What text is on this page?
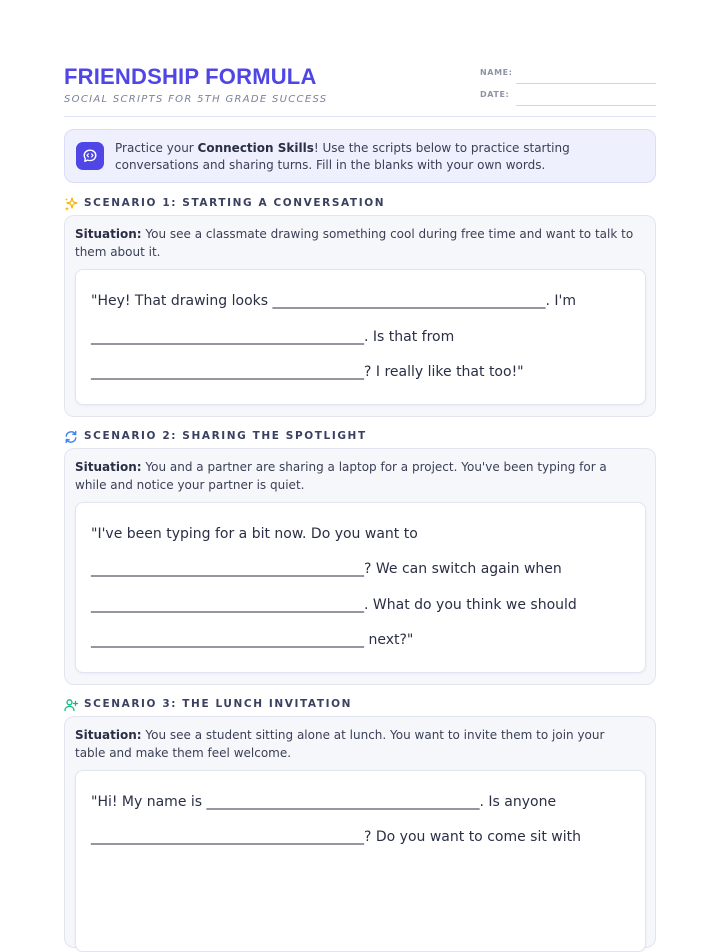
FRIENDSHIP FORMULA
SOCIAL SCRIPTS FOR 5TH GRADE SUCCESS
NAME:
DATE:
Practice your Connection Skills! Use the scripts below to practice starting conversations and sharing turns. Fill in the blanks with your own words.
SCENARIO 1: STARTING A CONVERSATION
Situation: You see a classmate drawing something cool during free time and want to talk to them about it.
"Hey! That drawing looks _______________________________________. I'm
_______________________________________. Is that from
_______________________________________? I really like that too!"
SCENARIO 2: SHARING THE SPOTLIGHT
Situation: You and a partner are sharing a laptop for a project. You've been typing for a while and notice your partner is quiet.
"I've been typing for a bit now. Do you want to
_______________________________________? We can switch again when
_______________________________________. What do you think we should
_______________________________________ next?"
SCENARIO 3: THE LUNCH INVITATION
Situation: You see a student sitting alone at lunch. You want to invite them to join your table and make them feel welcome.
"Hi! My name is _______________________________________. Is anyone
_______________________________________? Do you want to come sit with
